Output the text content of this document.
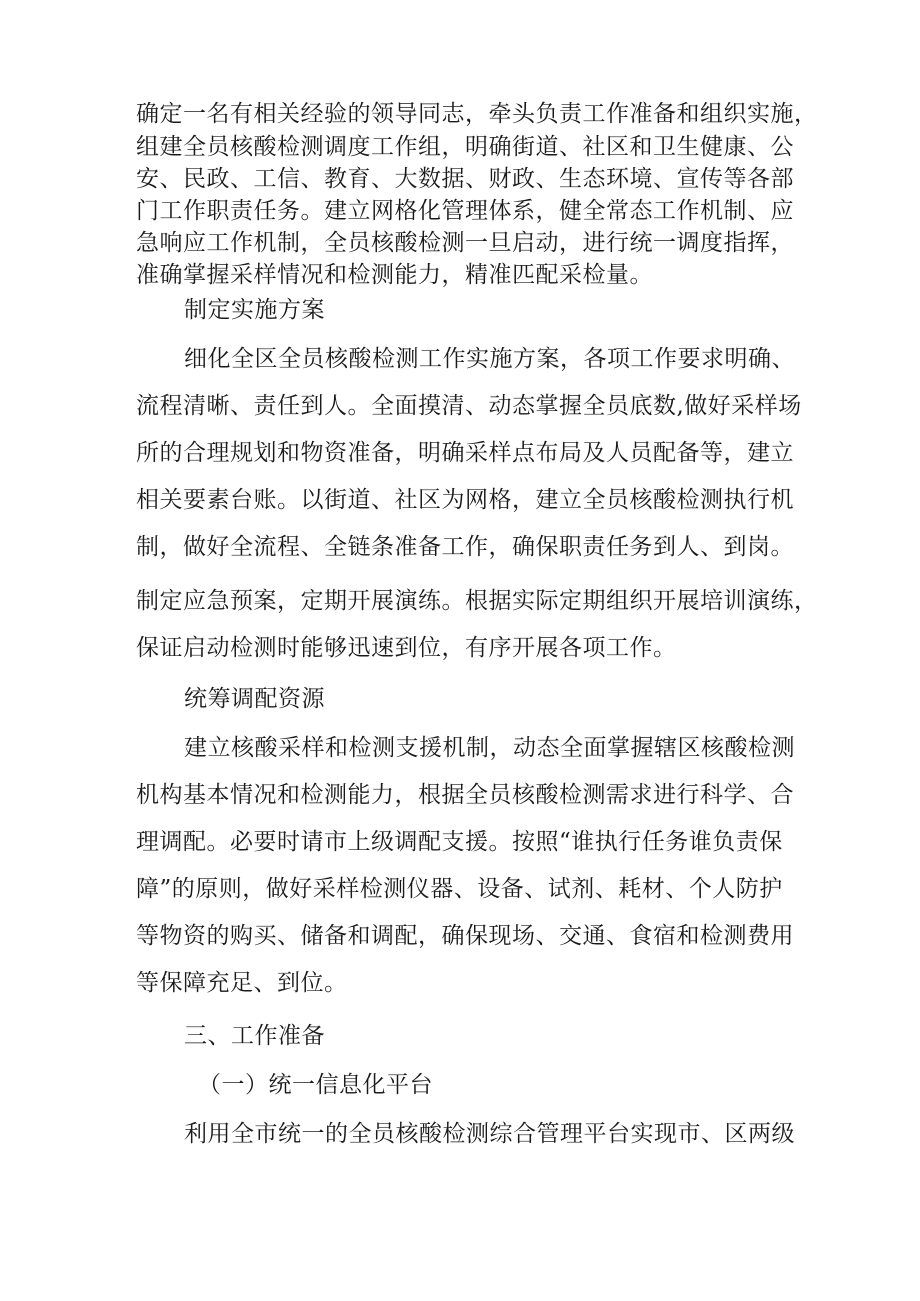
确定一名有相关经验的领导同志，牵头负责工作准备和组织实施，
组建全员核酸检测调度工作组，明确街道、社区和卫生健康、公
安、民政、工信、教育、大数据、财政、生态环境、宣传等各部
门工作职责任务。建立网格化管理体系，健全常态工作机制、应
急响应工作机制，全员核酸检测一旦启动，进行统一调度指挥，
准确掌握采样情况和检测能力，精准匹配采检量。
制定实施方案
细化全区全员核酸检测工作实施方案，各项工作要求明确、
流程清晰、责任到人。全面摸清、动态掌握全员底数,做好采样场
所的合理规划和物资准备，明确采样点布局及人员配备等，建立
相关要素台账。以街道、社区为网格，建立全员核酸检测执行机
制，做好全流程、全链条准备工作，确保职责任务到人、到岗。
制定应急预案，定期开展演练。根据实际定期组织开展培训演练，
保证启动检测时能够迅速到位，有序开展各项工作。
统筹调配资源
建立核酸采样和检测支援机制，动态全面掌握辖区核酸检测
机构基本情况和检测能力，根据全员核酸检测需求进行科学、合
理调配。必要时请市上级调配支援。按照“谁执行任务谁负责保
障”的原则，做好采样检测仪器、设备、试剂、耗材、个人防护
等物资的购买、储备和调配，确保现场、交通、食宿和检测费用
等保障充足、到位。
三、工作准备
（一）统一信息化平台
利用全市统一的全员核酸检测综合管理平台实现市、区两级
